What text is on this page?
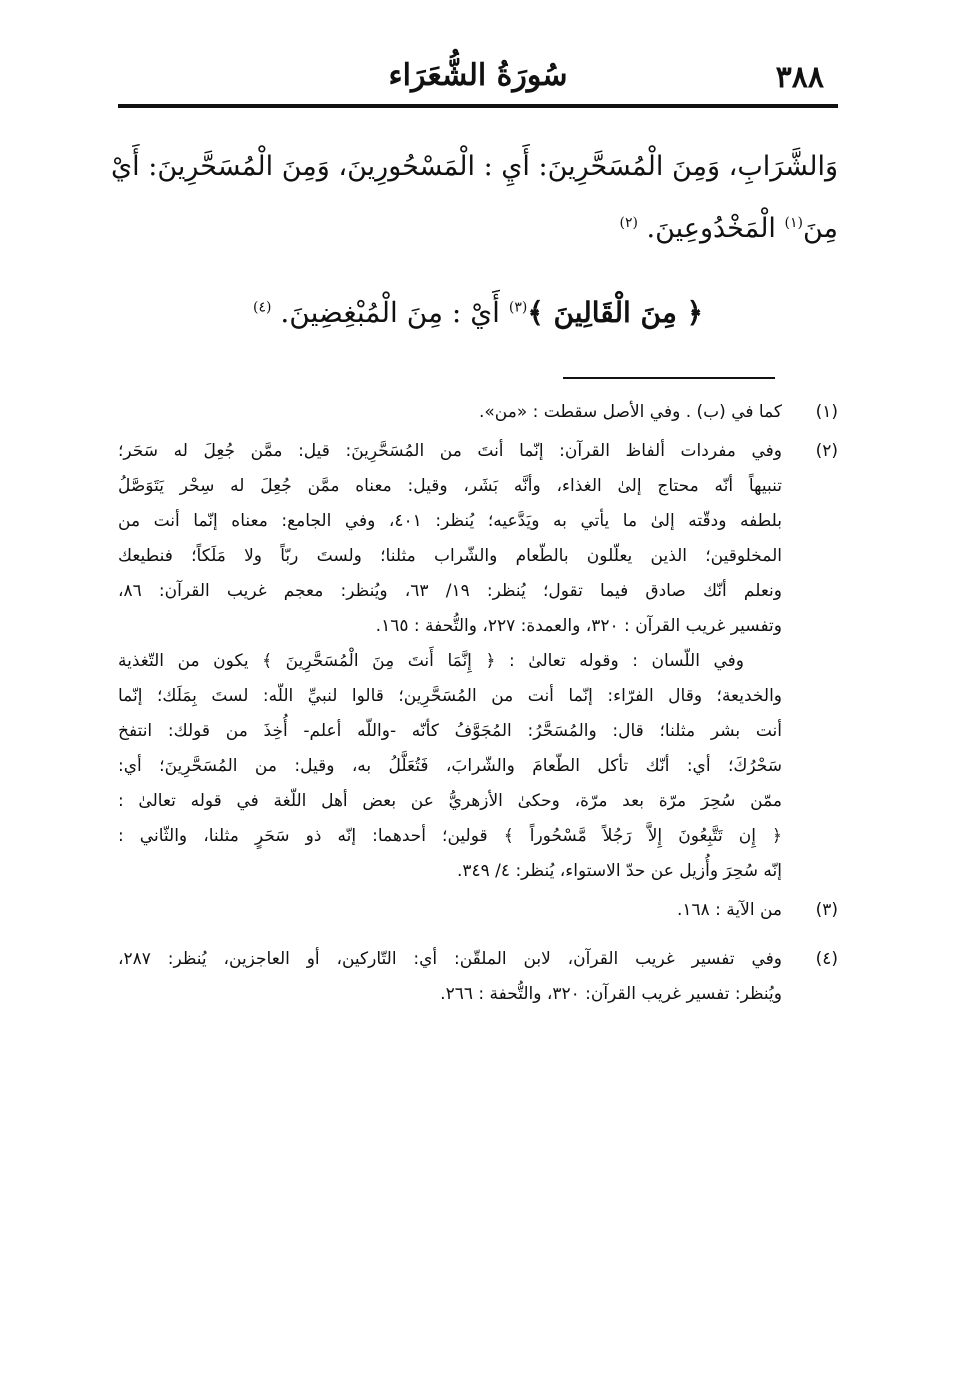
٣٨٨
سُورَةُ الشُّعَرَاء
وَالشَّرَابِ، وَمِنَ الْمُسَحَّرِينَ: أَيِ : الْمَسْحُورِينَ، وَمِنَ الْمُسَحَّرِينَ: أَيْ
مِنَ$^{(١)}$ الْمَخْدُوعِينَ. $^{(٢)}$
﴿ مِنَ الْقَالِينَ ﴾$^{(٣)}$ أَيْ : مِنَ الْمُبْغِضِينَ. $^{(٤)}$
(١)
كما في (ب) . وفي الأصل سقطت : «من».
(٢)
وفي مفردات ألفاظ القرآن: إنّما أنتَ من المُسَحَّرِينَ: قيل: ممَّن جُعِلَ له سَحَر؛
تنبيهاً أنّه محتاج إلىٰ الغذاء، وأنَّه بَشَر، وقيل: معناه ممَّن جُعِلَ له سِحْر يَتَوَصَّلُ
بلطفه ودقّته إلىٰ ما يأتي به ويَدَّعيه؛ يُنظر: ٤٠١، وفي الجامع: معناه إنّما أنت من
المخلوقين؛ الذين يعلّلون بالطّعام والشّراب مثلنا؛ ولستَ ربّاً ولا مَلَكاً؛ فنطيعك
ونعلم أنّك صادق فيما تقول؛ يُنظر: ١٩/ ٦٣، ويُنظر: معجم غريب القرآن: ٨٦،
وتفسير غريب القرآن : ٣٢٠، والعمدة: ٢٢٧، والتُّحفة : ١٦٥.
وفي اللّسان : وقوله تعالىٰ : ﴿ إِنَّمَا أَنتَ مِنَ الْمُسَحَّرِينَ ﴾ يكون من التّغذية
والخديعة؛ وقال الفرّاء: إنّما أنت من المُسَحَّرِين؛ قالوا لنبيِّ اللّه: لستَ بِمَلَك؛ إنّما
أنت بشر مثلنا؛ قال: والمُسَحَّرُ: المُجَوَّفُ كأنّه -واللّه أعلم- أُخِذَ من قولك: انتفخ
سَحْرُكَ؛ أي: أنّك تأكل الطّعامَ والشّرابَ، فَتُعَلَّلُ به، وقيل: من المُسَحَّرِينَ؛ أي:
ممّن سُحِرَ مرّة بعد مرّة، وحكىٰ الأزهريُّ عن بعض أهل اللّغة في قوله تعالىٰ :
﴿ إِن تَتَّبِعُونَ إِلاَّ رَجُلاً مَّسْحُوراً ﴾ قولين؛ أحدهما: إنّه ذو سَحَرٍ مثلنا، والثّاني :
إنّه سُحِرَ وأُزيل عن حدّ الاستواء، يُنظر: ٤/ ٣٤٩.
(٣)
من الآية : ١٦٨.
(٤)
وفي تفسير غريب القرآن، لابن الملقّن: أي: التّاركين، أو العاجزين، يُنظر: ٢٨٧،
ويُنظر: تفسير غريب القرآن: ٣٢٠، والتُّحفة : ٢٦٦.
